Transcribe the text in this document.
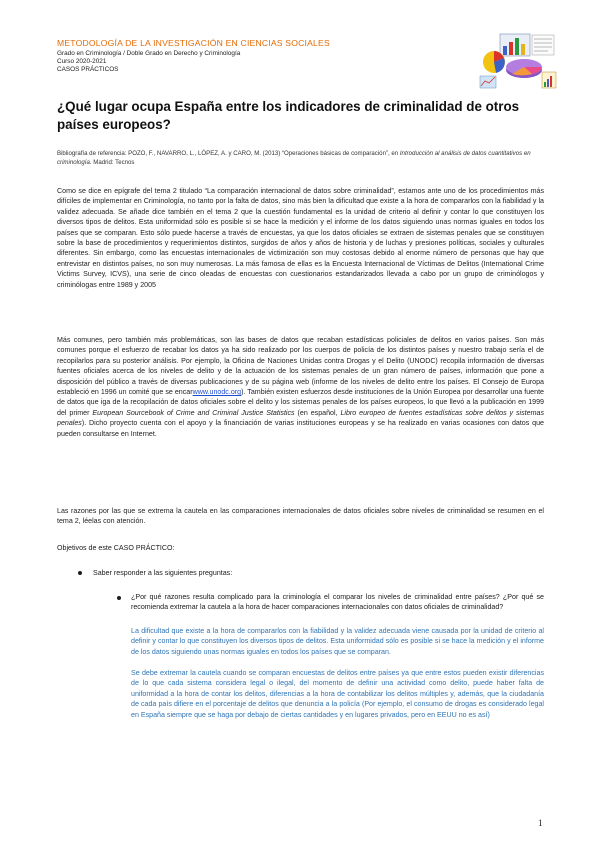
METODOLOGÍA DE LA INVESTIGACIÓN EN CIENCIAS SOCIALES
Grado en Criminología / Doble Grado en Derecho y Criminología
Curso 2020-2021
CASOS PRÁCTICOS
¿Qué lugar ocupa España entre los indicadores de criminalidad de otros países europeos?
Bibliografía de referencia: POZO, F., NAVARRO, L., LÓPEZ, A. y CARO, M. (2013) “Operaciones básicas de comparación”, en Introducción al análisis de datos cuantitativos en criminología. Madrid: Tecnos
Como se dice en epígrafe del tema 2 titulado “La comparación internacional de datos sobre criminalidad”, estamos ante uno de los procedimientos más difíciles de implementar en Criminología, no tanto por la falta de datos, sino más bien la dificultad que existe a la hora de compararlos con la fiabilidad y la validez adecuada. Se añade dice también en el tema 2 que la cuestión fundamental es la unidad de criterio al definir y contar lo que constituyen los diversos tipos de delitos. Esta uniformidad sólo es posible si se hace la medición y el informe de los datos siguiendo unas normas iguales en todos los países que se comparan. Esto sólo puede hacerse a través de encuestas, ya que los datos oficiales se extraen de sistemas penales que se constituyen sobre la base de procedimientos y requerimientos distintos, surgidos de años y años de historia y de luchas y presiones políticas, sociales y culturales diferentes. Sin embargo, como las encuestas internacionales de victimización son muy costosas debido al enorme número de personas que hay que entrevistar en distintos países, no son muy numerosas. La más famosa de ellas es la Encuesta Internacional de Víctimas de Delitos (International Crime Victims Survey, ICVS), una serie de cinco oleadas de encuestas con cuestionarios estandarizados llevada a cabo por un grupo de criminólogos y criminólogas entre 1989 y 2005
Más comunes, pero también más problemáticas, son las bases de datos que recaban estadísticas policiales de delitos en varios países. Son más comunes porque el esfuerzo de recabar los datos ya ha sido realizado por los cuerpos de policía de los distintos países y nuestro trabajo sería el de recopilarlos para su posterior análisis. Por ejemplo, la Oficina de Naciones Unidas contra Drogas y el Delito (UNODC) recopila información de diversas fuentes oficiales acerca de los niveles de delito y de la actuación de los sistemas penales de un gran número de países, información que pone a disposición del público a través de diversas publicaciones y de su página web (informe de los niveles de delito entre los países. El Consejo de Europa estableció en 1996 un comité que se encarwww.unodc.org). También existen esfuerzos desde instituciones de la Unión Europea por desarrollar una fuente de datos que iga de la recopilación de datos oficiales sobre el delito y los sistemas penales de los países europeos, lo que llevó a la publicación en 1999 del primer European Sourcebook of Crime and Criminal Justice Statistics (en español, Libro europeo de fuentes estadísticas sobre delitos y sistemas penales). Dicho proyecto cuenta con el apoyo y la financiación de varias instituciones europeas y se ha realizado en varias ocasiones con datos que pueden consultarse en Internet.
Las razones por las que se extrema la cautela en las comparaciones internacionales de datos oficiales sobre niveles de criminalidad se resumen en el tema 2, léelas con atención.
Objetivos de este CASO PRÁCTICO:
Saber responder a las siguientes preguntas:
¿Por qué razones resulta complicado para la criminología el comparar los niveles de criminalidad entre países? ¿Por qué se recomienda extremar la cautela a la hora de hacer comparaciones internacionales con datos oficiales de criminalidad?
La dificultad que existe a la hora de compararlos con la fiabilidad y la validez adecuada viene causada por la unidad de criterio al definir y contar lo que constituyen los diversos tipos de delitos. Esta uniformidad sólo es posible si se hace la medición y el informe de los datos siguiendo unas normas iguales en todos los países que se comparan.
Se debe extremar la cautela cuando se comparan encuestas de delitos entre países ya que entre estos pueden existir diferencias de lo que cada sistema considera legal o ilegal, del momento de definir una actividad como delito, puede haber falta de uniformidad a la hora de contar los delitos, diferencias a la hora de contabilizar los delitos múltiples y, además, que la ciudadanía de cada país difiere en el porcentaje de delitos que denuncia a la policía (Por ejemplo, el consumo de drogas es considerado legal en España siempre que se haga por debajo de ciertas cantidades y en lugares privados, pero en EEUU no es así)
1
